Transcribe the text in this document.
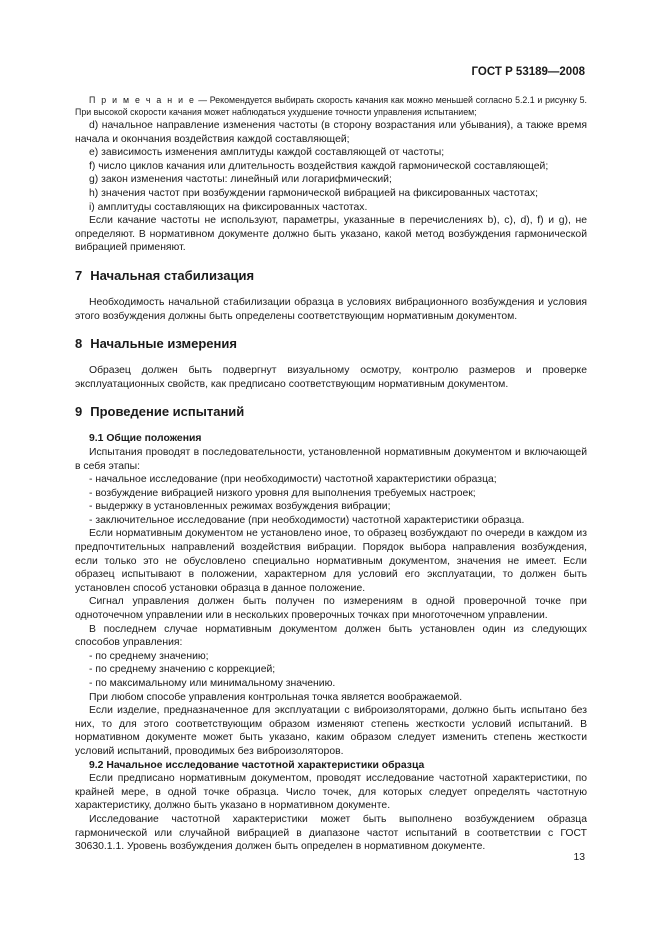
ГОСТ Р 53189—2008

П р и м е ч а н и е — Рекомендуется выбирать скорость качания как можно меньшей согласно 5.2.1 и рисунку 5. При высокой скорости качания может наблюдаться ухудшение точности управления испытанием;

d) начальное направление изменения частоты (в сторону возрастания или убывания), а также время начала и окончания воздействия каждой составляющей;

e) зависимость изменения амплитуды каждой составляющей от частоты;

f) число циклов качания или длительность воздействия каждой гармонической составляющей;

g) закон изменения частоты: линейный или логарифмический;

h) значения частот при возбуждении гармонической вибрацией на фиксированных частотах;

i) амплитуды составляющих на фиксированных частотах.

Если качание частоты не используют, параметры, указанные в перечислениях b), c), d), f) и g), не определяют. В нормативном документе должно быть указано, какой метод возбуждения гармонической вибрацией применяют.

7 Начальная стабилизация

Необходимость начальной стабилизации образца в условиях вибрационного возбуждения и условия этого возбуждения должны быть определены соответствующим нормативным документом.

8 Начальные измерения

Образец должен быть подвергнут визуальному осмотру, контролю размеров и проверке эксплуатационных свойств, как предписано соответствующим нормативным документом.

9 Проведение испытаний
9.1 Общие положения

Испытания проводят в последовательности, установленной нормативным документом и включающей в себя этапы:

- начальное исследование (при необходимости) частотной характеристики образца;

- возбуждение вибрацией низкого уровня для выполнения требуемых настроек;

- выдержку в установленных режимах возбуждения вибрации;

- заключительное исследование (при необходимости) частотной характеристики образца.

Если нормативным документом не установлено иное, то образец возбуждают по очереди в каждом из предпочтительных направлений воздействия вибрации. Порядок выбора направления возбуждения, если только это не обусловлено специально нормативным документом, значения не имеет. Если образец испытывают в положении, характерном для условий его эксплуатации, то должен быть установлен способ установки образца в данное положение.

Сигнал управления должен быть получен по измерениям в одной проверочной точке при одноточечном управлении или в нескольких проверочных точках при многоточечном управлении.

В последнем случае нормативным документом должен быть установлен один из следующих способов управления:

- по среднему значению;

- по среднему значению с коррекцией;

- по максимальному или минимальному значению.

При любом способе управления контрольная точка является воображаемой.

Если изделие, предназначенное для эксплуатации с виброизоляторами, должно быть испытано без них, то для этого соответствующим образом изменяют степень жесткости условий испытаний. В нормативном документе может быть указано, каким образом следует изменить степень жесткости условий испытаний, проводимых без виброизоляторов.

9.2 Начальное исследование частотной характеристики образца

Если предписано нормативным документом, проводят исследование частотной характеристики, по крайней мере, в одной точке образца. Число точек, для которых следует определять частотную характеристику, должно быть указано в нормативном документе.

Исследование частотной характеристики может быть выполнено возбуждением образца гармонической или случайной вибрацией в диапазоне частот испытаний в соответствии с ГОСТ 30630.1.1. Уровень возбуждения должен быть определен в нормативном документе.

13
